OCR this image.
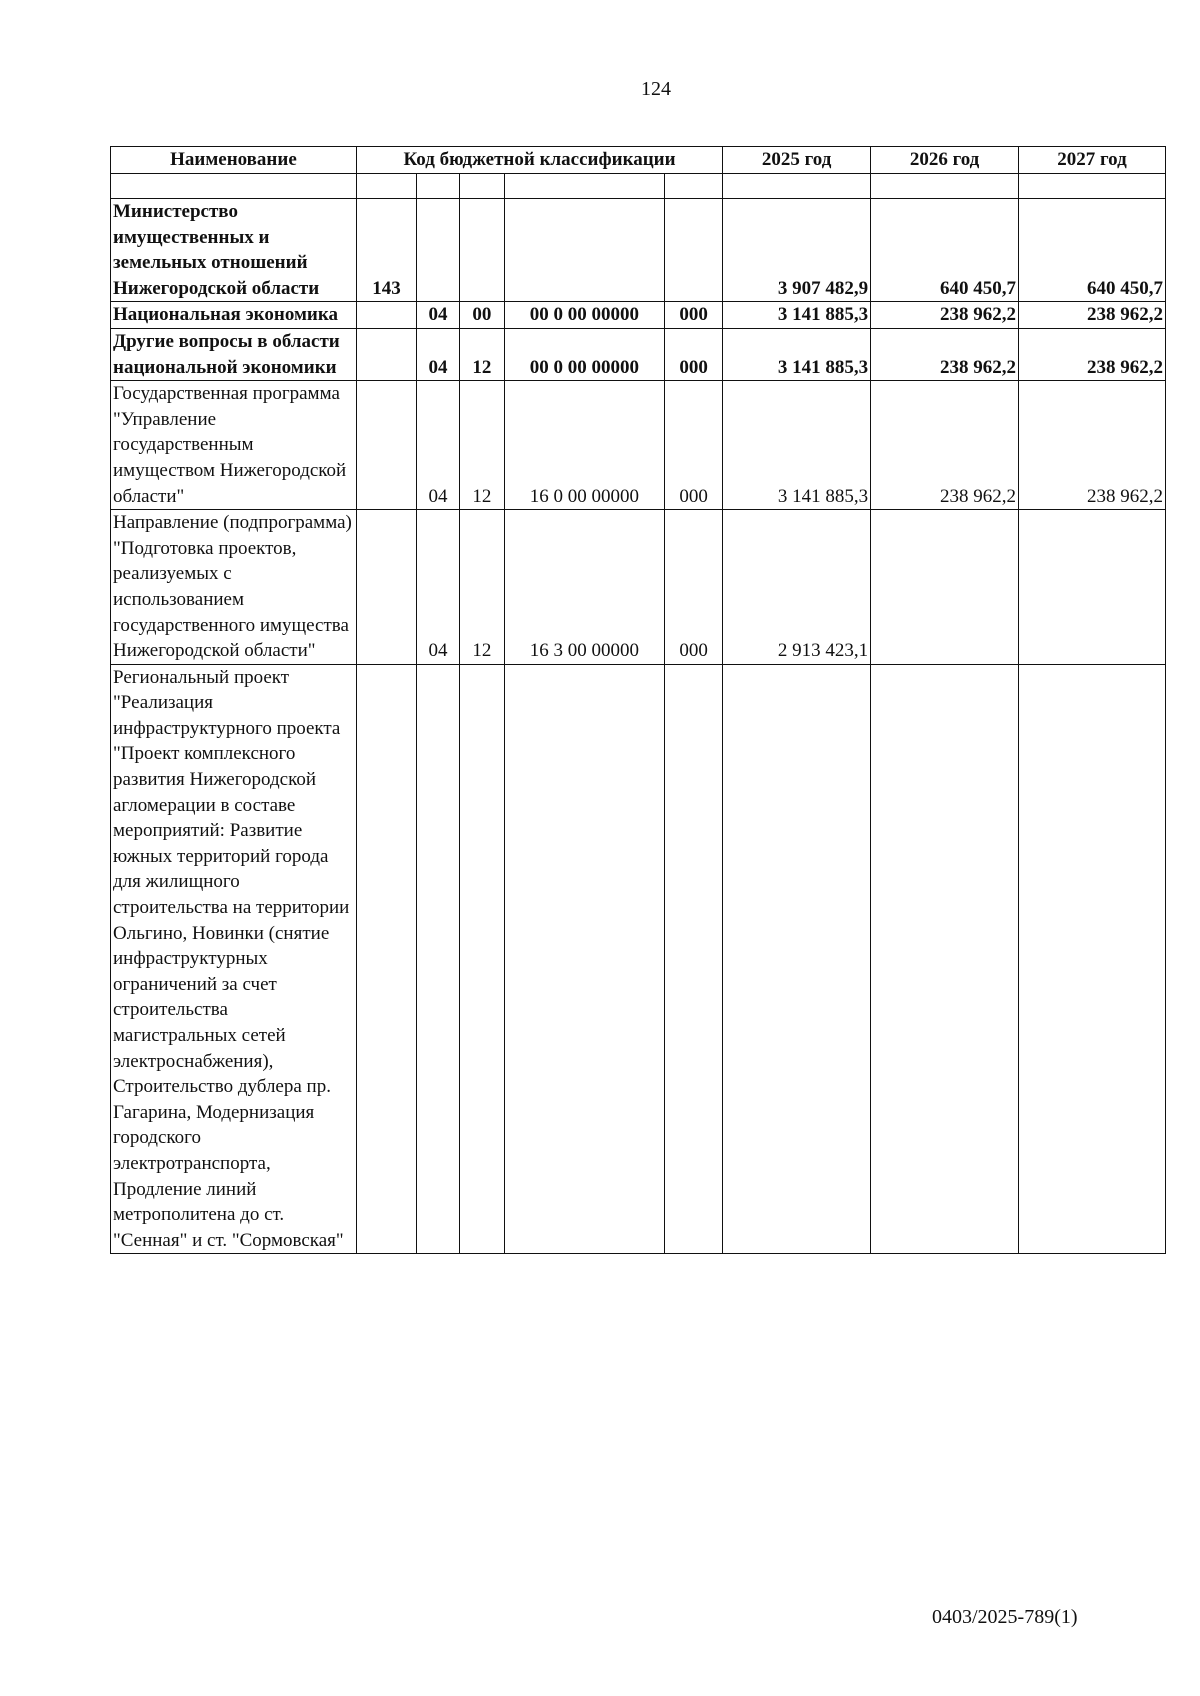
124
Наименование	Код бюджетной классификации					2025 год	2026 год	2027 год

Министерство имущественных и земельных отношений Нижегородской области	143					3 907 482,9	640 450,7	640 450,7
Национальная экономика		04	00	00 0 00 00000	000	3 141 885,3	238 962,2	238 962,2
Другие вопросы в области национальной экономики		04	12	00 0 00 00000	000	3 141 885,3	238 962,2	238 962,2
Государственная программа "Управление государственным имуществом Нижегородской области"		04	12	16 0 00 00000	000	3 141 885,3	238 962,2	238 962,2
Направление (подпрограмма) "Подготовка проектов, реализуемых с использованием государственного имущества Нижегородской области"		04	12	16 3 00 00000	000	2 913 423,1		
Региональный проект "Реализация инфраструктурного проекта "Проект комплексного развития Нижегородской агломерации в составе мероприятий: Развитие южных территорий города для жилищного строительства на территории Ольгино, Новинки (снятие инфраструктурных ограничений за счет строительства магистральных сетей электроснабжения), Строительство дублера пр. Гагарина, Модернизация городского электротранспорта, Продление линий метрополитена до ст. "Сенная" и ст. "Сормовская"								
0403/2025-789(1)
